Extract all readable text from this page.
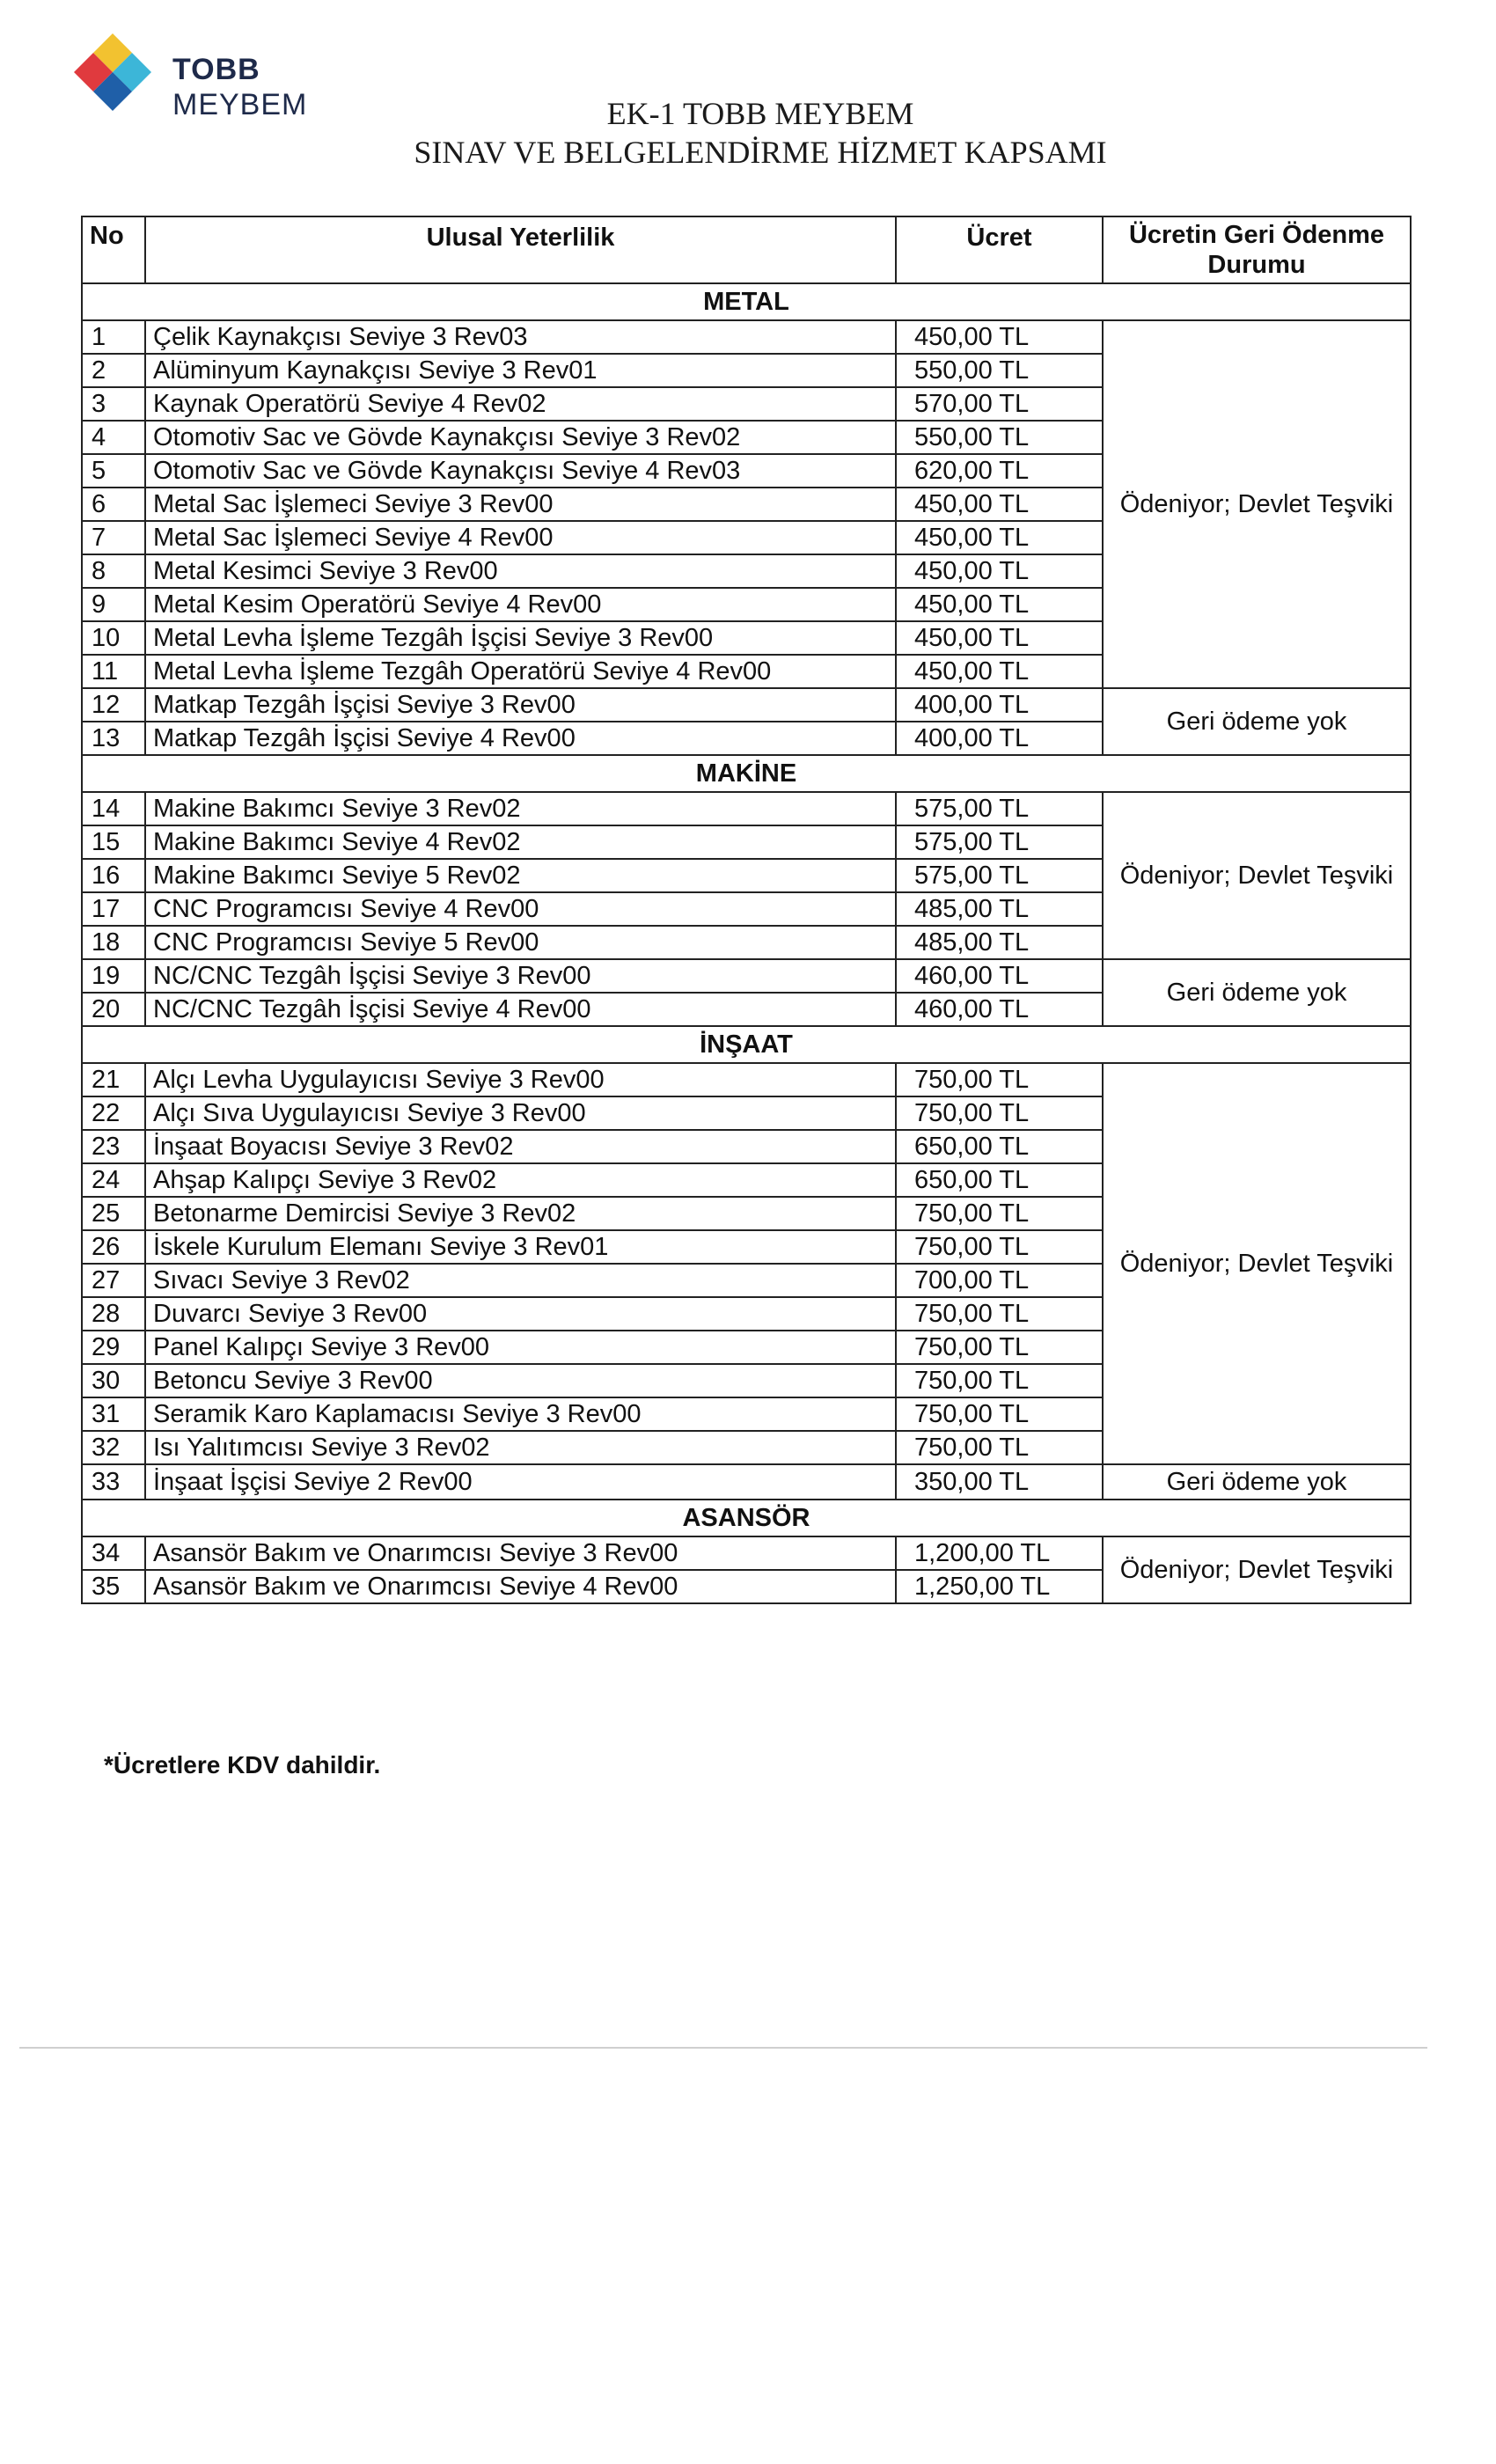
TOBB
MEYBEM	EK-1 TOBB MEYBEM
SINAV VE BELGELENDİRME HİZMET KAPSAMI
No	Ulusal Yeterlilik	Ücret	Ücretin Geri Ödenme Durumu
METAL			
1	Çelik Kaynakçısı Seviye 3 Rev03	450,00 TL	Ödeniyor; Devlet Teşviki
2	Alüminyum Kaynakçısı Seviye 3 Rev01	550,00 TL	
3	Kaynak Operatörü Seviye 4 Rev02	570,00 TL	
4	Otomotiv Sac ve Gövde Kaynakçısı Seviye 3 Rev02	550,00 TL	
5	Otomotiv Sac ve Gövde Kaynakçısı Seviye 4 Rev03	620,00 TL	
6	Metal Sac İşlemeci Seviye 3 Rev00	450,00 TL	
7	Metal Sac İşlemeci Seviye 4 Rev00	450,00 TL	
8	Metal Kesimci Seviye 3 Rev00	450,00 TL	
9	Metal Kesim Operatörü Seviye 4 Rev00	450,00 TL	
10	Metal Levha İşleme Tezgâh İşçisi Seviye 3 Rev00	450,00 TL	
11	Metal Levha İşleme Tezgâh Operatörü Seviye 4 Rev00	450,00 TL	
12	Matkap Tezgâh İşçisi Seviye 3 Rev00	400,00 TL	Geri ödeme yok
13	Matkap Tezgâh İşçisi Seviye 4 Rev00	400,00 TL	
MAKİNE			
14	Makine Bakımcı Seviye 3 Rev02	575,00 TL	Ödeniyor; Devlet Teşviki
15	Makine Bakımcı Seviye 4 Rev02	575,00 TL	
16	Makine Bakımcı Seviye 5 Rev02	575,00 TL	
17	CNC Programcısı Seviye 4 Rev00	485,00 TL	
18	CNC Programcısı Seviye 5 Rev00	485,00 TL	
19	NC/CNC Tezgâh İşçisi Seviye 3 Rev00	460,00 TL	Geri ödeme yok
20	NC/CNC Tezgâh İşçisi Seviye 4 Rev00	460,00 TL	
İNŞAAT			
21	Alçı Levha Uygulayıcısı Seviye 3 Rev00	750,00 TL	Ödeniyor; Devlet Teşviki
22	Alçı Sıva Uygulayıcısı Seviye 3 Rev00	750,00 TL	
23	İnşaat Boyacısı Seviye 3 Rev02	650,00 TL	
24	Ahşap Kalıpçı Seviye 3 Rev02	650,00 TL	
25	Betonarme Demircisi Seviye 3 Rev02	750,00 TL	
26	İskele Kurulum Elemanı Seviye 3 Rev01	750,00 TL	
27	Sıvacı Seviye 3 Rev02	700,00 TL	
28	Duvarcı Seviye 3 Rev00	750,00 TL	
29	Panel Kalıpçı Seviye 3 Rev00	750,00 TL	
30	Betoncu Seviye 3 Rev00	750,00 TL	
31	Seramik Karo Kaplamacısı Seviye 3 Rev00	750,00 TL	
32	Isı Yalıtımcısı Seviye 3 Rev02	750,00 TL	
33	İnşaat İşçisi Seviye 2 Rev00	350,00 TL	Geri ödeme yok
ASANSÖR			
34	Asansör Bakım ve Onarımcısı Seviye 3 Rev00	1,200,00 TL	Ödeniyor; Devlet Teşviki
35	Asansör Bakım ve Onarımcısı Seviye 4 Rev00	1,250,00 TL	
*Ücretlere KDV dahildir.
